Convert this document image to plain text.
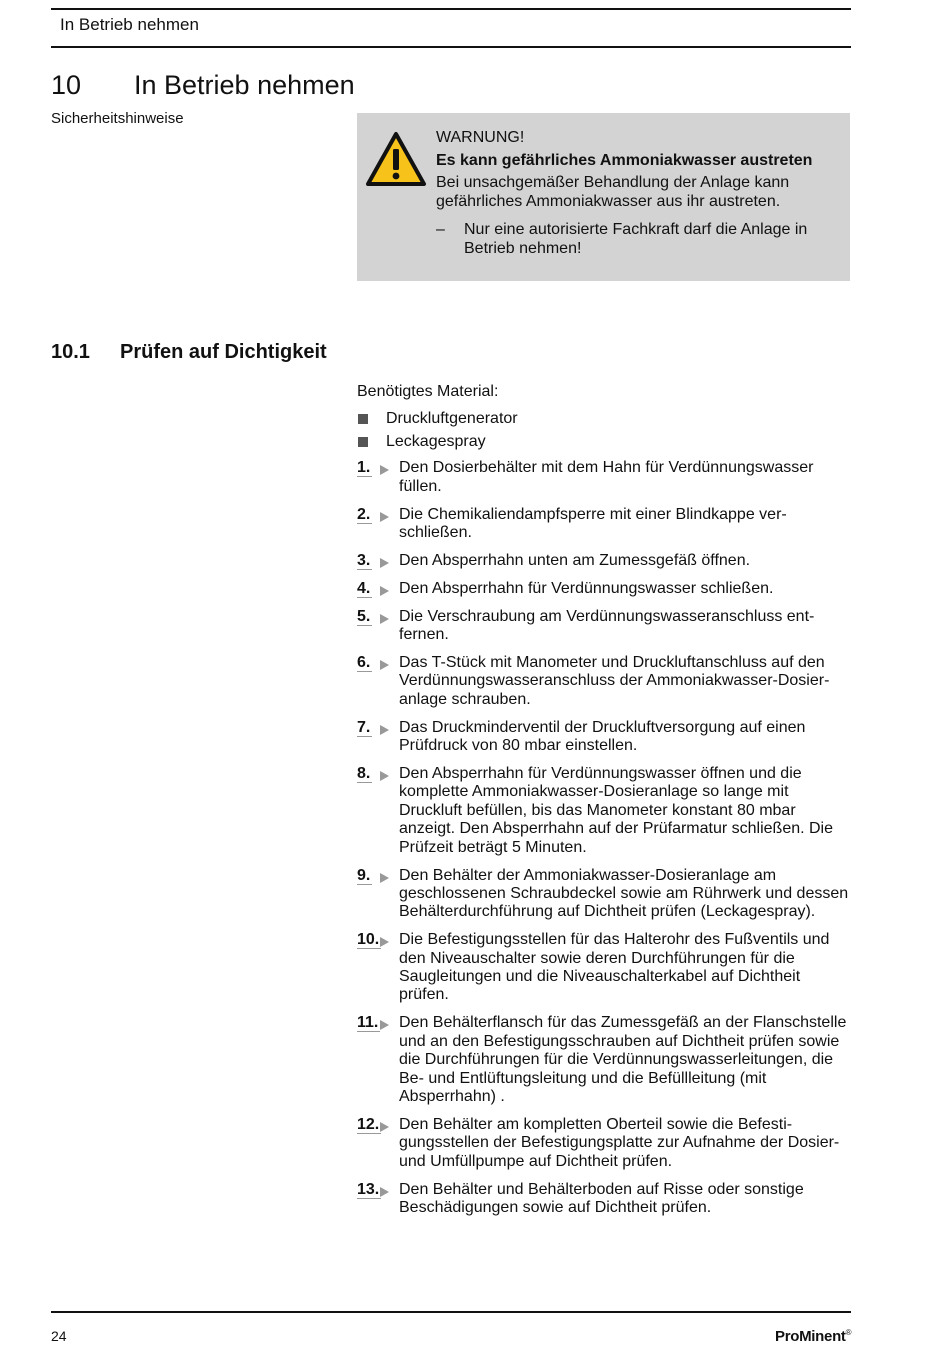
In Betrieb nehmen
10 In Betrieb nehmen
Sicherheitshinweise
WARNUNG!
Es kann gefährliches Ammoniakwasser austreten
Bei unsachgemäßer Behandlung der Anlage kann gefährliches Ammoniakwasser aus ihr austreten.
–	Nur eine autorisierte Fachkraft darf die Anlage in Betrieb nehmen!
10.1 Prüfen auf Dichtigkeit
Benötigtes Material:
Druckluftgenerator
Leckagespray
1.	Den Dosierbehälter mit dem Hahn für Verdünnungswasser füllen.
2.	Die Chemikaliendampfsperre mit einer Blindkappe verschließen.
3.	Den Absperrhahn unten am Zumessgefäß öffnen.
4.	Den Absperrhahn für Verdünnungswasser schließen.
5.	Die Verschraubung am Verdünnungswasseranschluss entfernen.
6.	Das T-Stück mit Manometer und Druckluftanschluss auf den Verdünnungswasseranschluss der Ammoniakwasser-Dosieranlage schrauben.
7.	Das Druckminderventil der Druckluftversorgung auf einen Prüfdruck von 80 mbar einstellen.
8.	Den Absperrhahn für Verdünnungswasser öffnen und die komplette Ammoniakwasser-Dosieranlage so lange mit Druckluft befüllen, bis das Manometer konstant 80 mbar anzeigt. Den Absperrhahn auf der Prüfarmatur schließen. Die Prüfzeit beträgt 5 Minuten.
9.	Den Behälter der Ammoniakwasser-Dosieranlage am geschlossenen Schraubdeckel sowie am Rührwerk und dessen Behälterdurchführung auf Dichtheit prüfen (Leckagespray).
10.	Die Befestigungsstellen für das Halterohr des Fußventils und den Niveauschalter sowie deren Durchführungen für die Saugleitungen und die Niveauschalterkabel auf Dichtheit prüfen.
11.	Den Behälterflansch für das Zumessgefäß an der Flanschstelle und an den Befestigungsschrauben auf Dichtheit prüfen sowie die Durchführungen für die Verdünnungswasserleitungen, die Be- und Entlüftungsleitung und die Befüllleitung (mit Absperrhahn) .
12.	Den Behälter am kompletten Oberteil sowie die Befestigungsstellen der Befestigungsplatte zur Aufnahme der Dosier- und Umfüllpumpe auf Dichtheit prüfen.
13.	Den Behälter und Behälterboden auf Risse oder sonstige Beschädigungen sowie auf Dichtheit prüfen.
24	ProMinent®
